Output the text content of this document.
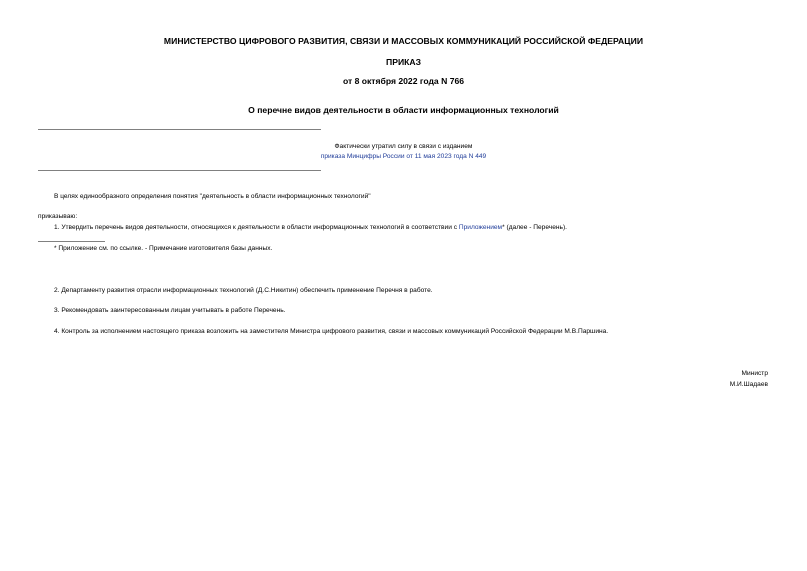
МИНИСТЕРСТВО ЦИФРОВОГО РАЗВИТИЯ, СВЯЗИ И МАССОВЫХ КОММУНИКАЦИЙ РОССИЙСКОЙ ФЕДЕРАЦИИ
ПРИКАЗ
от 8 октября 2022 года N 766
О перечне видов деятельности в области информационных технологий
Фактически утратил силу в связи с изданием
приказа Минцифры России от 11 мая 2023 года N 449
В целях единообразного определения понятия "деятельность в области информационных технологий"
приказываю:
1. Утвердить перечень видов деятельности, относящихся к деятельности в области информационных технологий в соответствии с Приложением* (далее - Перечень).
* Приложение см. по ссылке. - Примечание изготовителя базы данных.
2. Департаменту развития отрасли информационных технологий (Д.С.Никитин) обеспечить применение Перечня в работе.
3. Рекомендовать заинтересованным лицам учитывать в работе Перечень.
4. Контроль за исполнением настоящего приказа возложить на заместителя Министра цифрового развития, связи и массовых коммуникаций Российской Федерации М.В.Паршина.
Министр
М.И.Шадаев
